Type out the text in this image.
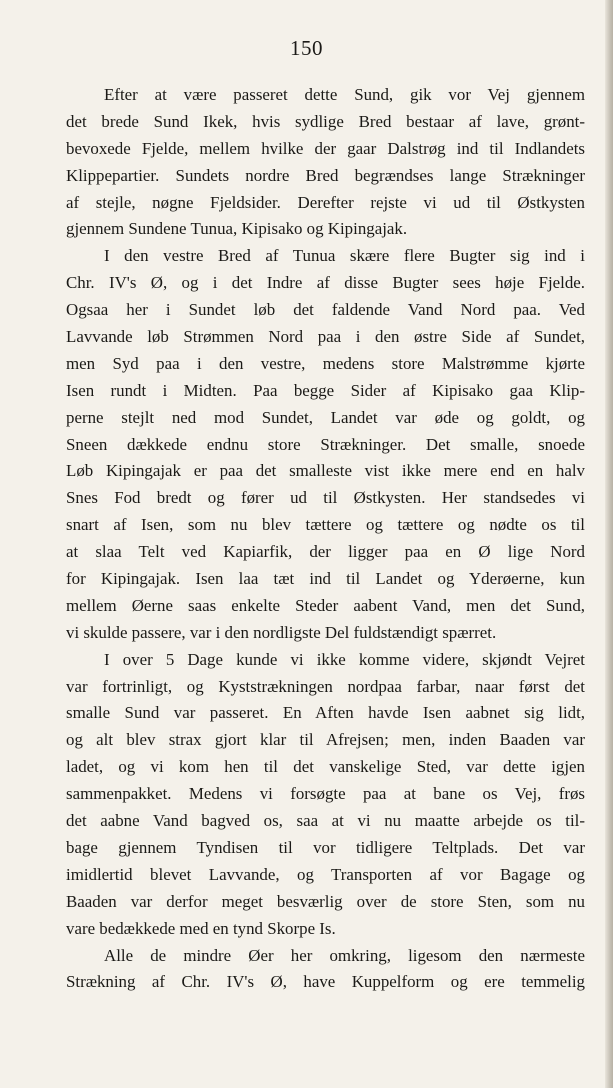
150

Efter at være passeret dette Sund, gik vor Vej gjennem
det brede Sund Ikek, hvis sydlige Bred bestaar af lave, grønt-
bevoxede Fjelde, mellem hvilke der gaar Dalstrøg ind til Indlandets
Klippepartier. Sundets nordre Bred begrændses lange Strækninger
af stejle, nøgne Fjeldsider. Derefter rejste vi ud til Østkysten
gjennem Sundene Tunua, Kipisako og Kipingajak.

I den vestre Bred af Tunua skære flere Bugter sig ind i
Chr. IV's Ø, og i det Indre af disse Bugter sees høje Fjelde.
Ogsaa her i Sundet løb det faldende Vand Nord paa. Ved
Lavvande løb Strømmen Nord paa i den østre Side af Sundet,
men Syd paa i den vestre, medens store Malstrømme kjørte
Isen rundt i Midten. Paa begge Sider af Kipisako gaa Klip-
perne stejlt ned mod Sundet, Landet var øde og goldt, og
Sneen dækkede endnu store Strækninger. Det smalle, snoede
Løb Kipingajak er paa det smalleste vist ikke mere end en halv
Snes Fod bredt og fører ud til Østkysten. Her standsedes vi
snart af Isen, som nu blev tættere og tættere og nødte os til
at slaa Telt ved Kapiarfik, der ligger paa en Ø lige Nord
for Kipingajak. Isen laa tæt ind til Landet og Yderøerne, kun
mellem Øerne saas enkelte Steder aabent Vand, men det Sund,
vi skulde passere, var i den nordligste Del fuldstændigt spærret.

I over 5 Dage kunde vi ikke komme videre, skjøndt Vejret
var fortrinligt, og Kyststrækningen nordpaa farbar, naar først det
smalle Sund var passeret. En Aften havde Isen aabnet sig lidt,
og alt blev strax gjort klar til Afrejsen; men, inden Baaden var
ladet, og vi kom hen til det vanskelige Sted, var dette igjen
sammenpakket. Medens vi forsøgte paa at bane os Vej, frøs
det aabne Vand bagved os, saa at vi nu maatte arbejde os til-
bage gjennem Tyndisen til vor tidligere Teltplads. Det var
imidlertid blevet Lavvande, og Transporten af vor Bagage og
Baaden var derfor meget besværlig over de store Sten, som nu
vare bedækkede med en tynd Skorpe Is.

Alle de mindre Øer her omkring, ligesom den nærmeste
Strækning af Chr. IV's Ø, have Kuppelform og ere temmelig
